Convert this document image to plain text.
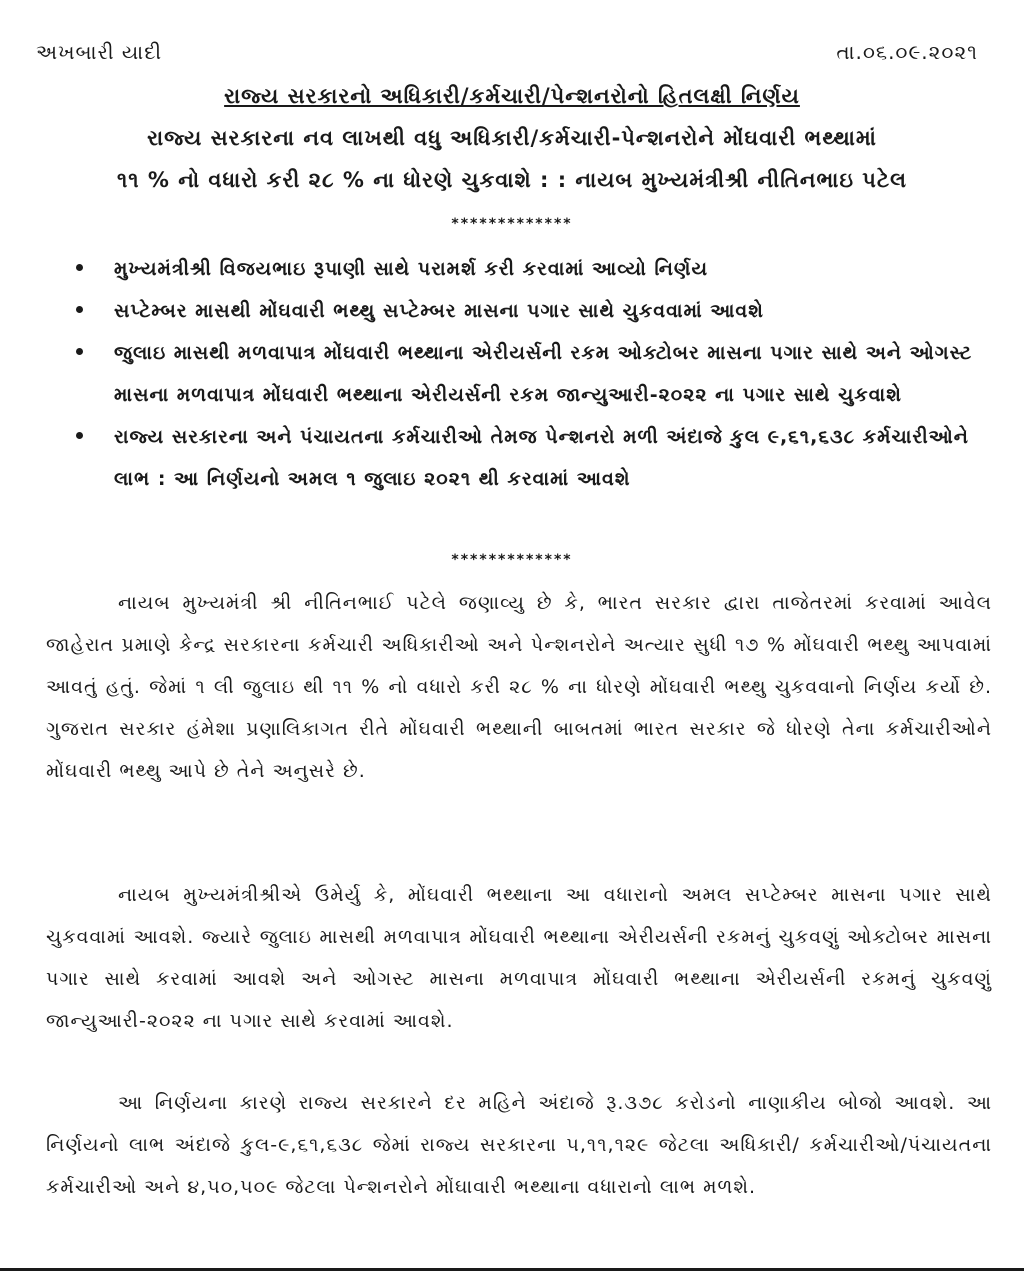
અખબારી યાદી	તા.૦૬.૦૯.૨૦૨૧
રાજ્ય સરકારનો અધિકારી/કર્મચારી/પેન્શનરોનો હિતલક્ષી નિર્ણય
રાજ્ય સરકારના નવ લાખથી વધુ અધિકારી/કર્મચારી-પેન્શનરોને મોંઘવારી ભથ્થામાં
૧૧ % નો વધારો કરી ૨૮ % ના ધોરણે ચુકવાશે : : નાયબ મુખ્યમંત્રીશ્રી નીતિનભાઇ પટેલ
*************
મુખ્યમંત્રીશ્રી વિજયભાઇ રૂપાણી સાથે પરામર્શ કરી કરવામાં આવ્યો નિર્ણય
સપ્ટેમ્બર માસથી મોંઘવારી ભથ્થુ સપ્ટેમ્બર માસના પગાર સાથે ચુકવવામાં આવશે
જુલાઇ માસથી મળવાપાત્ર મોંઘવારી ભથ્થાના એરીયર્સની રકમ ઓક્ટોબર માસના પગાર સાથે અને ઓગસ્ટ માસના મળવાપાત્ર મોંઘવારી ભથ્થાના એરીયર્સની રકમ જાન્યુઆરી-૨૦૨૨ ના પગાર સાથે ચુકવાશે
રાજ્ય સરકારના અને પંચાયતના કર્મચારીઓ તેમજ પેન્શનરો મળી અંદાજે કુલ ૯,૬૧,૬૩૮ કર્મચારીઓને લાભ : આ નિર્ણયનો અમલ ૧ જુલાઇ ૨૦૨૧ થી કરવામાં આવશે
*************

નાયબ મુખ્યમંત્રી શ્રી નીતિનભાઈ પટેલે જણાવ્યુ છે કે, ભારત સરકાર દ્વારા તાજેતરમાં કરવામાં આવેલ જાહેરાત પ્રમાણે કેન્દ્ર સરકારના કર્મચારી અધિકારીઓ અને પેન્શનરોને અત્યાર સુધી ૧૭ % મોંઘવારી ભથ્થુ આપવામાં આવતું હતું. જેમાં ૧ લી જુલાઇ થી ૧૧ % નો વધારો કરી ૨૮ % ના ધોરણે મોંઘવારી ભથ્થુ ચુકવવાનો નિર્ણય કર્યો છે. ગુજરાત સરકાર હંમેશા પ્રણાલિકાગત રીતે મોંઘવારી ભથ્થાની બાબતમાં ભારત સરકાર જે ધોરણે તેના કર્મચારીઓને મોંઘવારી ભથ્થુ આપે છે તેને અનુસરે છે.

નાયબ મુખ્યમંત્રીશ્રીએ ઉમેર્યુ કે, મોંઘવારી ભથ્થાના આ વધારાનો અમલ સપ્ટેમ્બર માસના પગાર સાથે ચુકવવામાં આવશે. જ્યારે જુલાઇ માસથી મળવાપાત્ર મોંઘવારી ભથ્થાના એરીયર્સની રકમનું ચુકવણું ઓક્ટોબર માસના પગાર સાથે કરવામાં આવશે અને ઓગસ્ટ માસના મળવાપાત્ર મોંઘવારી ભથ્થાના એરીયર્સની રકમનું ચુકવણું જાન્યુઆરી-૨૦૨૨ ના પગાર સાથે કરવામાં આવશે.

આ નિર્ણયના કારણે રાજ્ય સરકારને દર મહિને અંદાજે રૂ.૩૭૮ કરોડનો નાણાકીય બોજો આવશે. આ નિર્ણયનો લાભ અંદાજે કુલ-૯,૬૧,૬૩૮ જેમાં રાજ્ય સરકારના ૫,૧૧,૧૨૯ જેટલા અધિકારી/ કર્મચારીઓ/પંચાયતના કર્મચારીઓ અને ૪,૫૦,૫૦૯ જેટલા પેન્શનરોને મોંઘાવારી ભથ્થાના વધારાનો લાભ મળશે.
